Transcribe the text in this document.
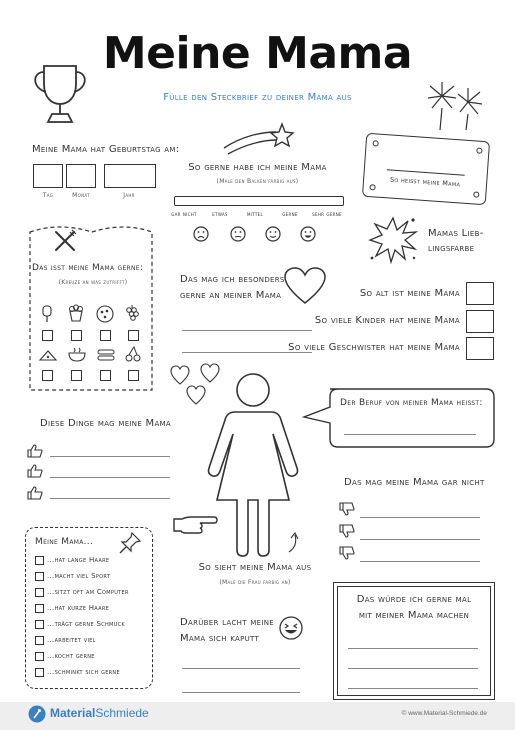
Meine Mama
Fülle den Steckbrief zu deiner Mama aus
Meine Mama hat Geburtstag am:
Tag	Monat	Jahr
So gerne habe ich meine Mama
(Male den Balken farbig aus)
gar nicht	etwas	mittel	gerne	sehr gerne
So heißt meine Mama
Mamas Lieb-
lingsfarbe
Das isst meine Mama gerne:
(Kreuze an was zutrifft)	Das mag ich besonders
gerne an meiner Mama	So alt ist meine Mama
So viele Kinder hat meine Mama
So viele Geschwister hat meine Mama
Der Beruf von meiner Mama heißt:
Diese Dinge mag meine Mama
Das mag meine Mama gar nicht
So sieht meine Mama aus
(Male die Frau farbig an)
Meine Mama...
...hat lange Haare
...macht viel Sport
...sitzt oft am Computer
...hat kurze Haare
...trägt gerne Schmuck
...arbeitet viel
...kocht gerne
...schminkt sich gerne
Darüber lacht meine
Mama sich kaputt
Das würde ich gerne mal
mit meiner Mama machen
MaterialSchmiede	© www.Material-Schmiede.de
